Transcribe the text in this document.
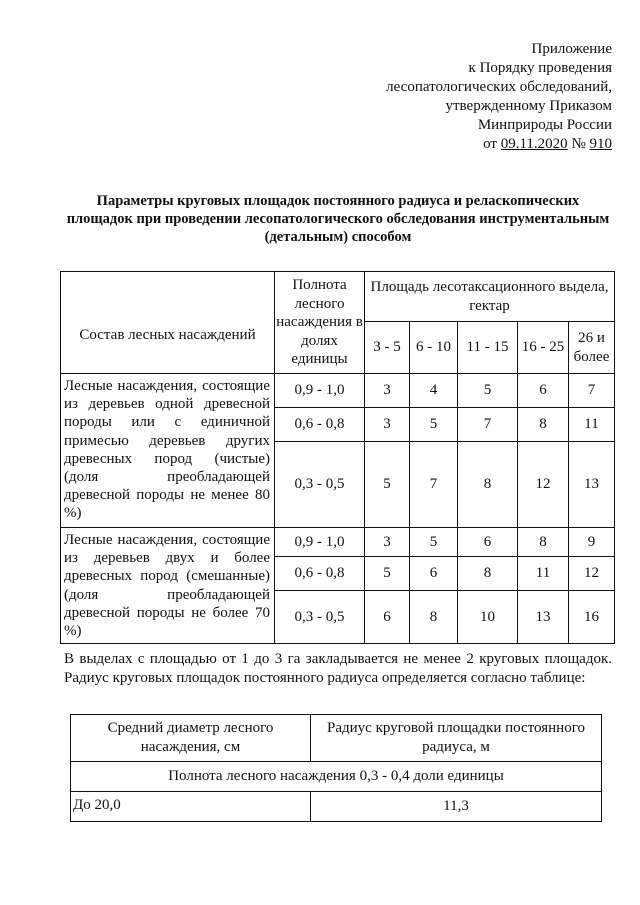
Приложение
к Порядку проведения
лесопатологических обследований,
утвержденному Приказом
Минприроды России
от 09.11.2020 № 910
Параметры круговых площадок постоянного радиуса и реласкопических площадок при проведении лесопатологического обследования инструментальным (детальным) способом
Состав лесных насаждений	Полнота лесного насаждения в долях единицы	Площадь лесотаксационного выдела, гектар				
		3 - 5	6 - 10	11 - 15	16 - 25	26 и более
Лесные насаждения, состоящие из деревьев одной древесной породы или с единичной примесью деревьев других древесных пород (чистые) (доля преобладающей древесной породы не менее 80 %)	0,9 - 1,0	3	4	5	6	7
	0,6 - 0,8	3	5	7	8	11
	0,3 - 0,5	5	7	8	12	13
Лесные насаждения, состоящие из деревьев двух и более древесных пород (смешанные) (доля преобладающей древесной породы не более 70 %)	0,9 - 1,0	3	5	6	8	9
	0,6 - 0,8	5	6	8	11	12
	0,3 - 0,5	6	8	10	13	16
В выделах с площадью от 1 до 3 га закладывается не менее 2 круговых площадок. Радиус круговых площадок постоянного радиуса определяется согласно таблице:
Средний диаметр лесного насаждения, см	Радиус круговой площадки постоянного радиуса, м
Полнота лесного насаждения 0,3 - 0,4 доли единицы	
До 20,0	11,3
